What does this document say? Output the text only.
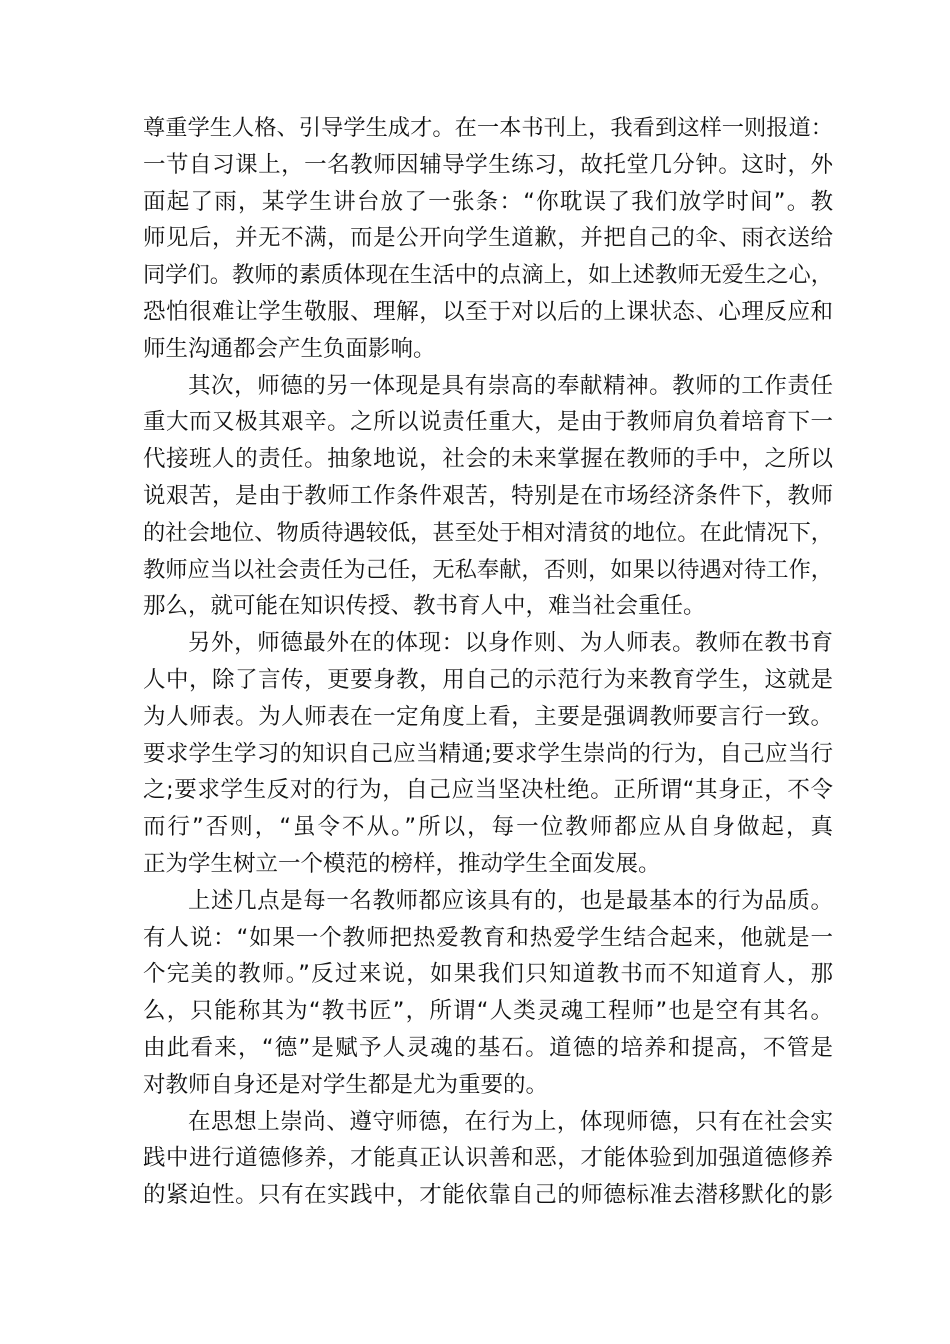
尊重学生人格、引导学生成才。在一本书刊上，我看到这样一则报道：
一节自习课上，一名教师因辅导学生练习，故托堂几分钟。这时，外
面起了雨，某学生讲台放了一张条：“你耽误了我们放学时间”。教
师见后，并无不满，而是公开向学生道歉，并把自己的伞、雨衣送给
同学们。教师的素质体现在生活中的点滴上，如上述教师无爱生之心，
恐怕很难让学生敬服、理解，以至于对以后的上课状态、心理反应和
师生沟通都会产生负面影响。
其次，师德的另一体现是具有崇高的奉献精神。教师的工作责任
重大而又极其艰辛。之所以说责任重大，是由于教师肩负着培育下一
代接班人的责任。抽象地说，社会的未来掌握在教师的手中，之所以
说艰苦，是由于教师工作条件艰苦，特别是在市场经济条件下，教师
的社会地位、物质待遇较低，甚至处于相对清贫的地位。在此情况下，
教师应当以社会责任为己任，无私奉献，否则，如果以待遇对待工作，
那么，就可能在知识传授、教书育人中，难当社会重任。
另外，师德最外在的体现：以身作则、为人师表。教师在教书育
人中，除了言传，更要身教，用自己的示范行为来教育学生，这就是
为人师表。为人师表在一定角度上看，主要是强调教师要言行一致。
要求学生学习的知识自己应当精通;要求学生崇尚的行为，自己应当行
之;要求学生反对的行为，自己应当坚决杜绝。正所谓“其身正，不令
而行”否则，“虽令不从。”所以，每一位教师都应从自身做起，真
正为学生树立一个模范的榜样，推动学生全面发展。
上述几点是每一名教师都应该具有的，也是最基本的行为品质。
有人说：“如果一个教师把热爱教育和热爱学生结合起来，他就是一
个完美的教师。”反过来说，如果我们只知道教书而不知道育人，那
么，只能称其为“教书匠”，所谓“人类灵魂工程师”也是空有其名。
由此看来，“德”是赋予人灵魂的基石。道德的培养和提高，不管是
对教师自身还是对学生都是尤为重要的。
在思想上崇尚、遵守师德，在行为上，体现师德，只有在社会实
践中进行道德修养，才能真正认识善和恶，才能体验到加强道德修养
的紧迫性。只有在实践中，才能依靠自己的师德标准去潜移默化的影
